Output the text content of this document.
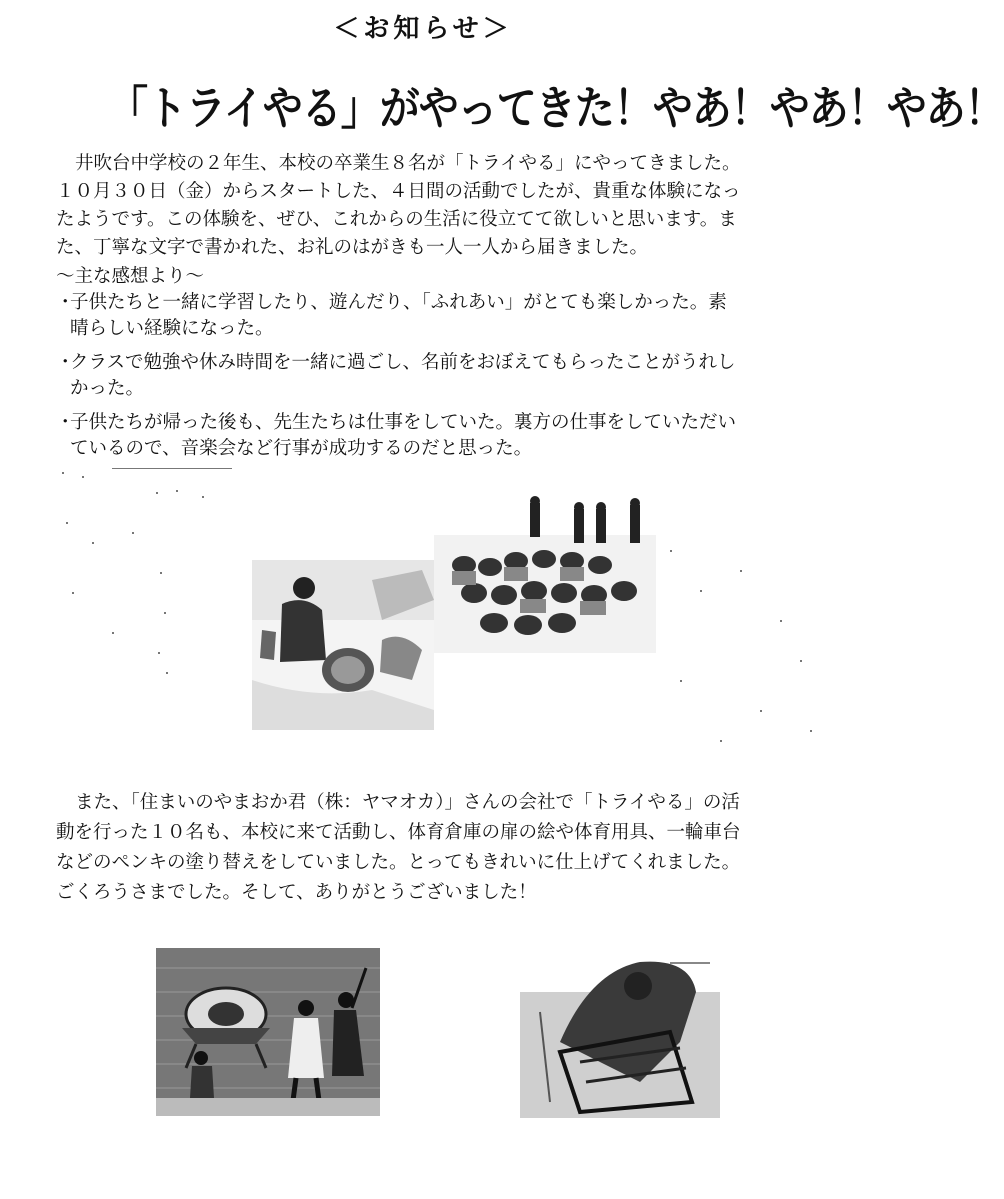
＜お知らせ＞
「トライやる」がやってきた！やあ！やあ！やあ！
井吹台中学校の２年生、本校の卒業生８名が「トライやる」にやってきました。
１０月３０日（金）からスタートした、４日間の活動でしたが、貴重な体験になっ
たようです。この体験を、ぜひ、これからの生活に役立てて欲しいと思います。ま
た、丁寧な文字で書かれた、お礼のはがきも一人一人から届きました。
～主な感想より～
・
子供たちと一緒に学習したり、遊んだり、「ふれあい」がとても楽しかった。素
晴らしい経験になった。
・
クラスで勉強や休み時間を一緒に過ごし、名前をおぼえてもらったことがうれし
かった。
・
子供たちが帰った後も、先生たちは仕事をしていた。裏方の仕事をしていただい
ているので、音楽会など行事が成功するのだと思った。
また、「住まいのやまおか君（株：ヤマオカ）」さんの会社で「トライやる」の活
動を行った１０名も、本校に来て活動し、体育倉庫の扉の絵や体育用具、一輪車台
などのペンキの塗り替えをしていました。とってもきれいに仕上げてくれました。
ごくろうさまでした。そして、ありがとうございました！
